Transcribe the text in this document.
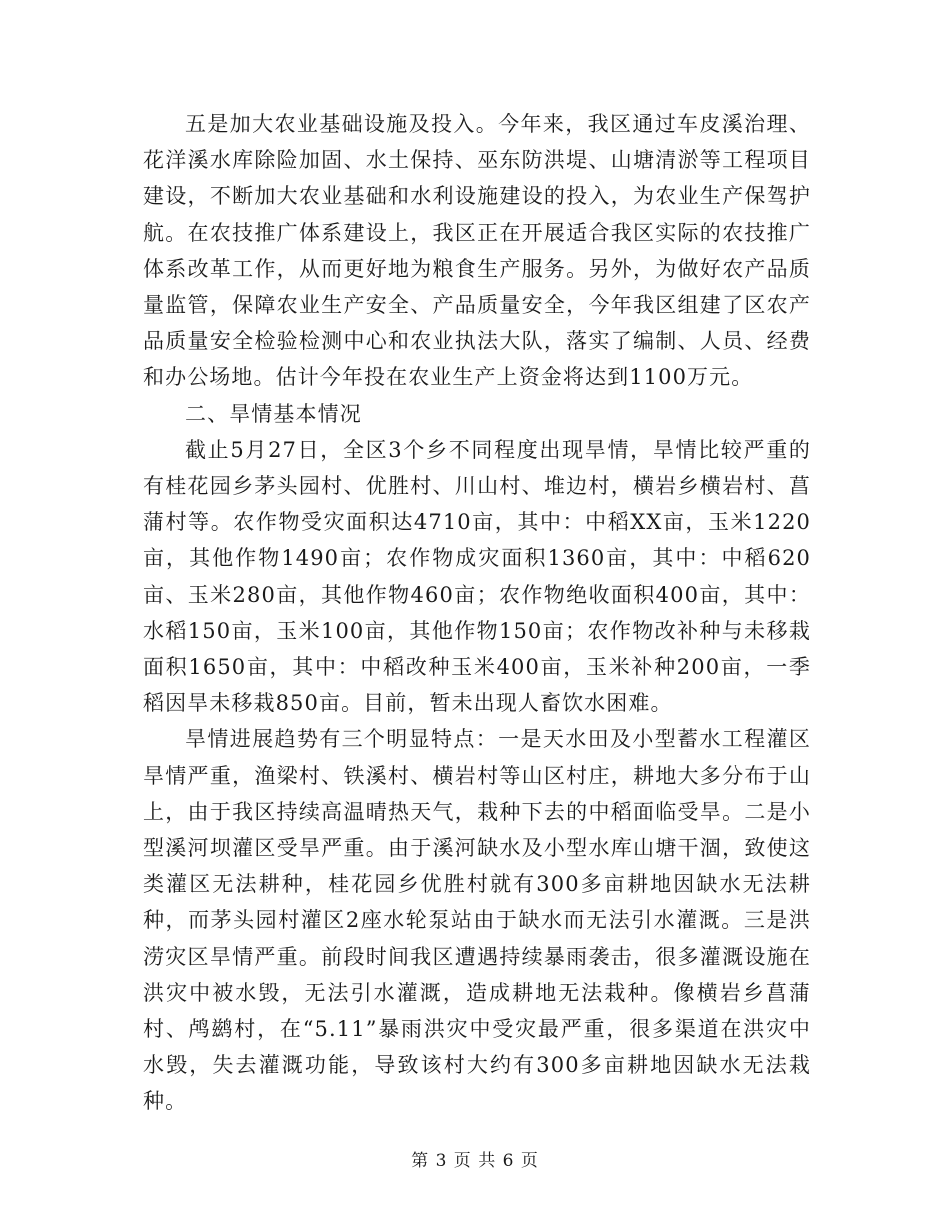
五是加大农业基础设施及投入。今年来，我区通过车皮溪治理、花洋溪水库除险加固、水土保持、巫东防洪堤、山塘清淤等工程项目建设，不断加大农业基础和水利设施建设的投入，为农业生产保驾护航。在农技推广体系建设上，我区正在开展适合我区实际的农技推广体系改革工作，从而更好地为粮食生产服务。另外，为做好农产品质量监管，保障农业生产安全、产品质量安全，今年我区组建了区农产品质量安全检验检测中心和农业执法大队，落实了编制、人员、经费和办公场地。估计今年投在农业生产上资金将达到1100万元。

二、旱情基本情况

截止5月27日，全区3个乡不同程度出现旱情，旱情比较严重的有桂花园乡茅头园村、优胜村、川山村、堆边村，横岩乡横岩村、菖蒲村等。农作物受灾面积达4710亩，其中：中稻XX亩，玉米1220亩，其他作物1490亩；农作物成灾面积1360亩，其中：中稻620亩、玉米280亩，其他作物460亩；农作物绝收面积400亩，其中：水稻150亩，玉米100亩，其他作物150亩；农作物改补种与未移栽面积1650亩，其中：中稻改种玉米400亩，玉米补种200亩，一季稻因旱未移栽850亩。目前，暂未出现人畜饮水困难。

旱情进展趋势有三个明显特点：一是天水田及小型蓄水工程灌区旱情严重，渔梁村、铁溪村、横岩村等山区村庄，耕地大多分布于山上，由于我区持续高温晴热天气，栽种下去的中稻面临受旱。二是小型溪河坝灌区受旱严重。由于溪河缺水及小型水库山塘干涸，致使这类灌区无法耕种，桂花园乡优胜村就有300多亩耕地因缺水无法耕种，而茅头园村灌区2座水轮泵站由于缺水而无法引水灌溉。三是洪涝灾区旱情严重。前段时间我区遭遇持续暴雨袭击，很多灌溉设施在洪灾中被水毁，无法引水灌溉，造成耕地无法栽种。像横岩乡菖蒲村、鸬鹚村，在“5.11”暴雨洪灾中受灾最严重，很多渠道在洪灾中水毁，失去灌溉功能，导致该村大约有300多亩耕地因缺水无法栽种。

第 3 页 共 6 页
